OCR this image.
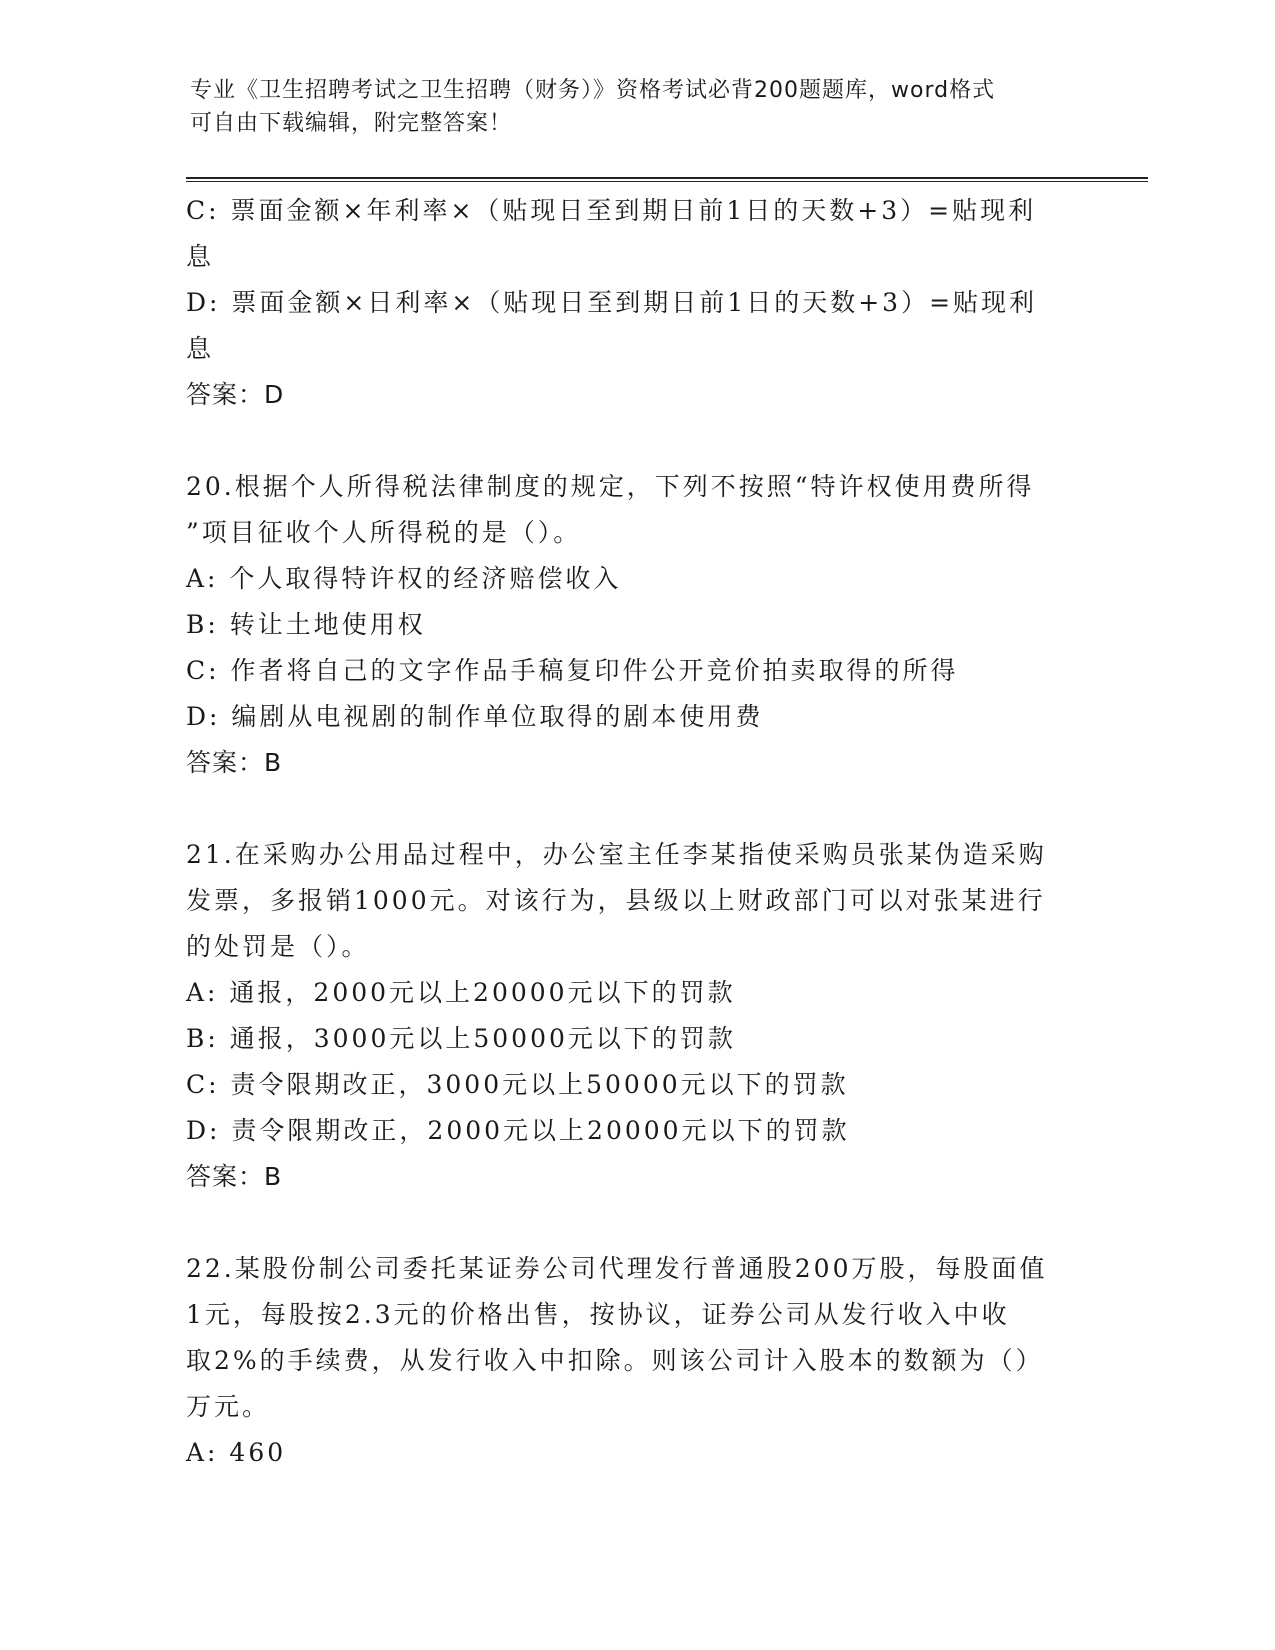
专业《卫生招聘考试之卫生招聘（财务）》资格考试必背200题题库，word格式
可自由下载编辑，附完整答案！
C: 票面金额×年利率×（贴现日至到期日前1日的天数+3）=贴现利
息
D: 票面金额×日利率×（贴现日至到期日前1日的天数+3）=贴现利
息
答案：D
20.根据个人所得税法律制度的规定，下列不按照“特许权使用费所得
”项目征收个人所得税的是（）。
A: 个人取得特许权的经济赔偿收入
B: 转让土地使用权
C: 作者将自己的文字作品手稿复印件公开竞价拍卖取得的所得
D: 编剧从电视剧的制作单位取得的剧本使用费
答案：B
21.在采购办公用品过程中，办公室主任李某指使采购员张某伪造采购
发票，多报销1000元。对该行为，县级以上财政部门可以对张某进行
的处罚是（）。
A: 通报，2000元以上20000元以下的罚款
B: 通报，3000元以上50000元以下的罚款
C: 责令限期改正，3000元以上50000元以下的罚款
D: 责令限期改正，2000元以上20000元以下的罚款
答案：B
22.某股份制公司委托某证券公司代理发行普通股200万股，每股面值
1元，每股按2.3元的价格出售，按协议，证券公司从发行收入中收
取2%的手续费，从发行收入中扣除。则该公司计入股本的数额为（）
万元。
A: 460
